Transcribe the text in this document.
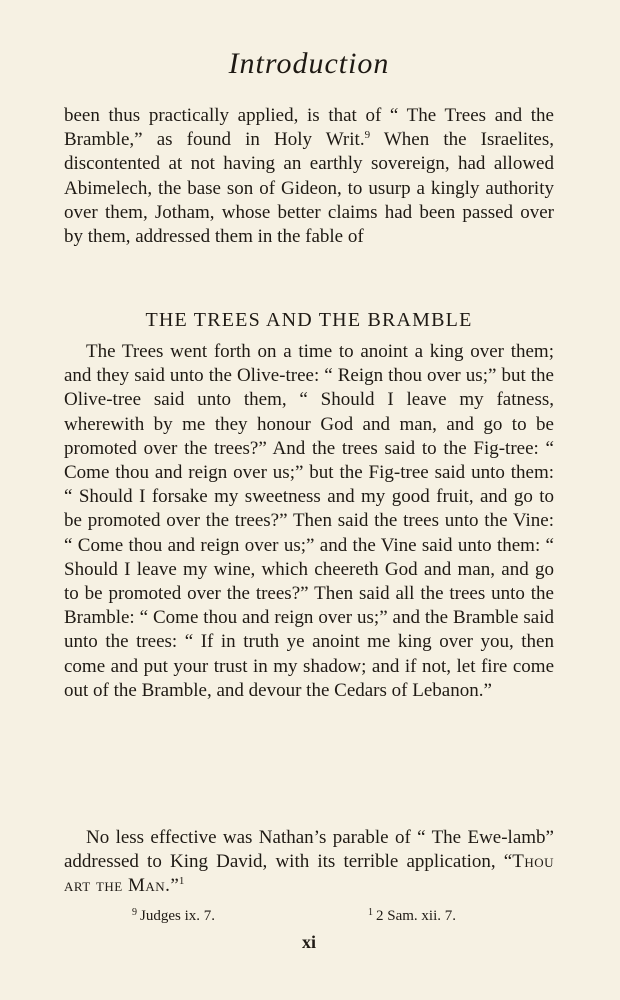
Introduction

been thus practically applied, is that of “ The Trees and the Bramble,” as found in Holy Writ.$^9$ When the Israelites, discontented at not having an earthly sovereign, had allowed Abimelech, the base son of Gideon, to usurp a kingly authority over them, Jotham, whose better claims had been passed over by them, addressed them in the fable of

THE TREES AND THE BRAMBLE

The Trees went forth on a time to anoint a king over them; and they said unto the Olive-tree: “ Reign thou over us;” but the Olive-tree said unto them, “ Should I leave my fatness, wherewith by me they honour God and man, and go to be promoted over the trees?” And the trees said to the Fig-tree: “ Come thou and reign over us;” but the Fig-tree said unto them: “ Should I forsake my sweetness and my good fruit, and go to be promoted over the trees?” Then said the trees unto the Vine: “ Come thou and reign over us;” and the Vine said unto them: “ Should I leave my wine, which cheereth God and man, and go to be promoted over the trees?” Then said all the trees unto the Bramble: “ Come thou and reign over us;” and the Bramble said unto the trees: “ If in truth ye anoint me king over you, then come and put your trust in my shadow; and if not, let fire come out of the Bramble, and devour the Cedars of Lebanon.”

No less effective was Nathan’s parable of “ The Ewe-lamb” addressed to King David, with its terrible application, “Thou art the Man.”$^1$

$^9$ Judges ix. 7.	$^1$ 2 Sam. xii. 7.
xi
